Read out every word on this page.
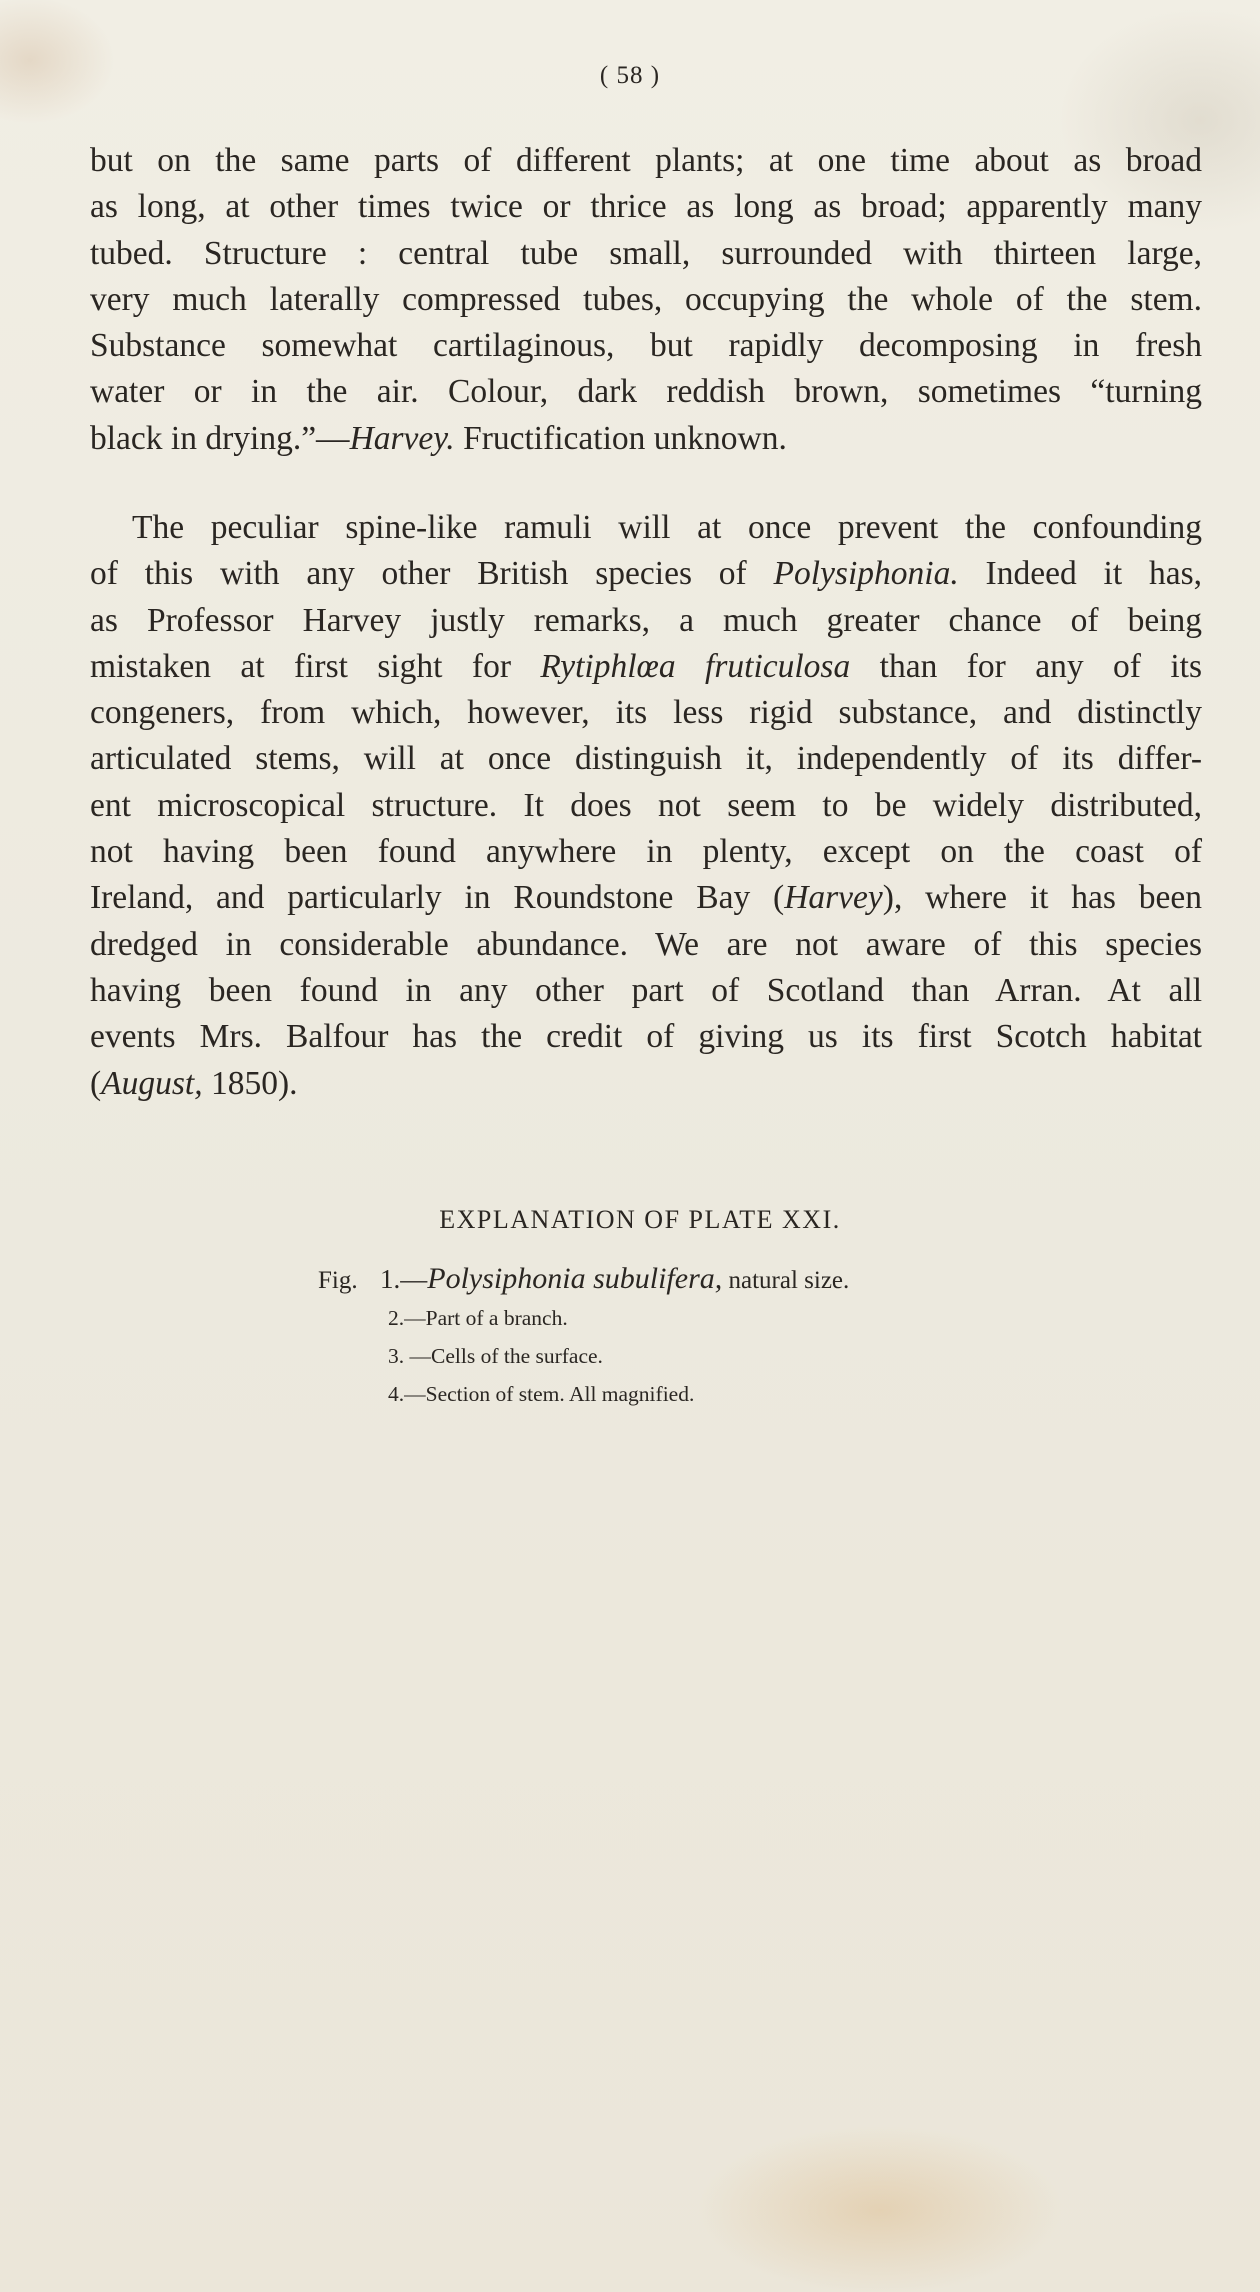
( 58 )
but on the same parts of different plants; at one time about as broad
as long, at other times twice or thrice as long as broad; apparently many
tubed. Structure : central tube small, surrounded with thirteen large,
very much laterally compressed tubes, occupying the whole of the stem.
Substance somewhat cartilaginous, but rapidly decomposing in fresh
water or in the air. Colour, dark reddish brown, sometimes “turning
black in drying.”—Harvey. Fructification unknown.
The peculiar spine-like ramuli will at once prevent the confounding
of this with any other British species of Polysiphonia. Indeed it has,
as Professor Harvey justly remarks, a much greater chance of being
mistaken at first sight for Rytiphlœa fruticulosa than for any of its
congeners, from which, however, its less rigid substance, and distinctly
articulated stems, will at once distinguish it, independently of its differ-
ent microscopical structure. It does not seem to be widely distributed,
not having been found anywhere in plenty, except on the coast of
Ireland, and particularly in Roundstone Bay (Harvey), where it has been
dredged in considerable abundance. We are not aware of this species
having been found in any other part of Scotland than Arran. At all
events Mrs. Balfour has the credit of giving us its first Scotch habitat
(August, 1850).
EXPLANATION OF PLATE XXI.
Fig. 1.—Polysiphonia subulifera, natural size.
2.—Part of a branch.
3. —Cells of the surface.
4.—Section of stem. All magnified.
